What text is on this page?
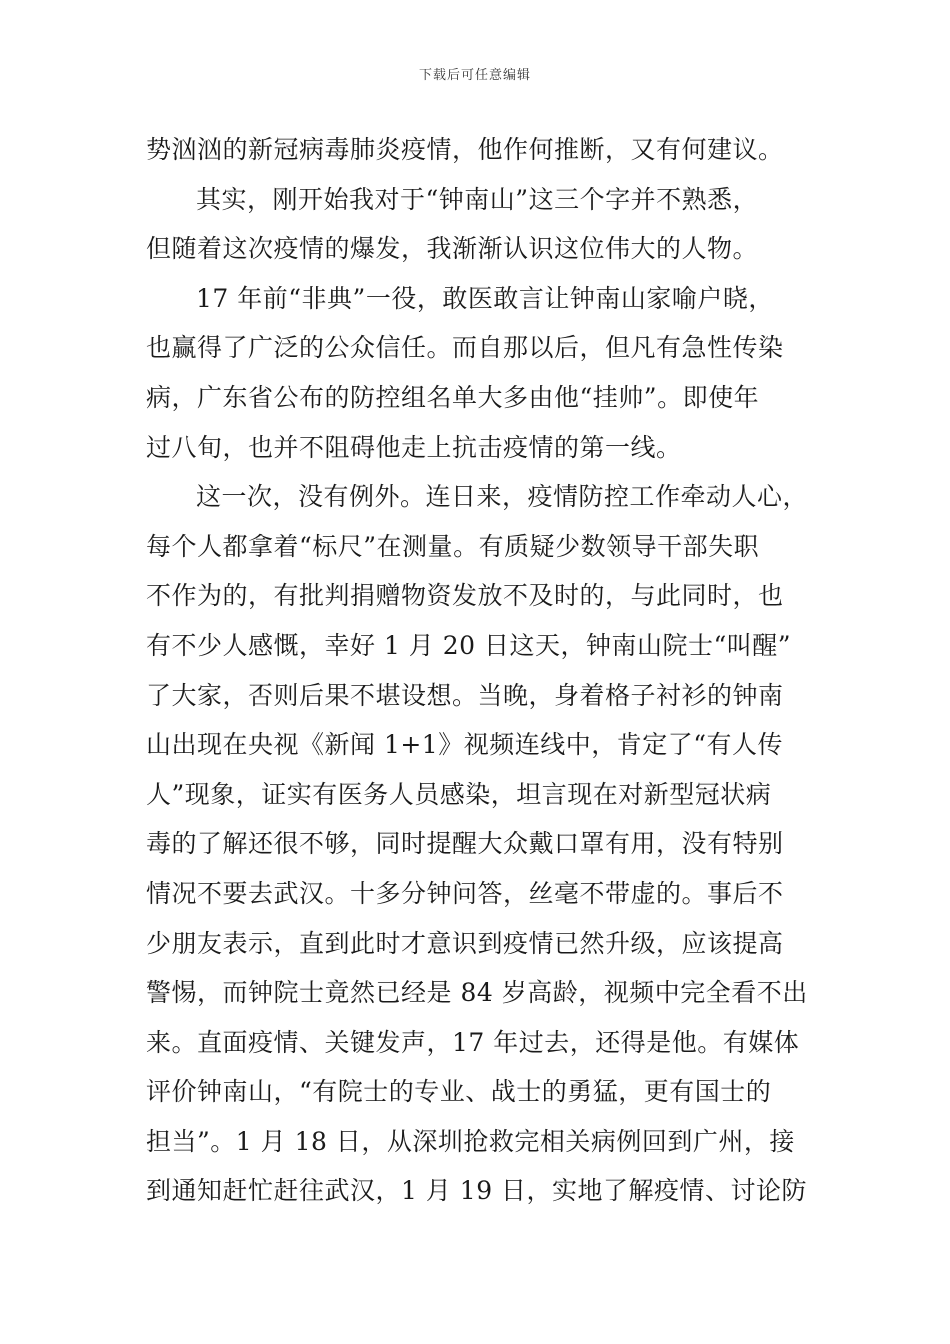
下载后可任意编辑

势汹汹的新冠病毒肺炎疫情，他作何推断，又有何建议。

其实，刚开始我对于“钟南山”这三个字并不熟悉，
但随着这次疫情的爆发，我渐渐认识这位伟大的人物。

17 年前“非典”一役，敢医敢言让钟南山家喻户晓，
也赢得了广泛的公众信任。而自那以后，但凡有急性传染
病，广东省公布的防控组名单大多由他“挂帅”。即使年
过八旬，也并不阻碍他走上抗击疫情的第一线。

这一次，没有例外。连日来，疫情防控工作牵动人心，
每个人都拿着“标尺”在测量。有质疑少数领导干部失职
不作为的，有批判捐赠物资发放不及时的，与此同时，也
有不少人感慨，幸好 1 月 20 日这天，钟南山院士“叫醒”
了大家，否则后果不堪设想。当晚，身着格子衬衫的钟南
山出现在央视《新闻 1+1》视频连线中，肯定了“有人传
人”现象，证实有医务人员感染，坦言现在对新型冠状病
毒的了解还很不够，同时提醒大众戴口罩有用，没有特别
情况不要去武汉。十多分钟问答，丝毫不带虚的。事后不
少朋友表示，直到此时才意识到疫情已然升级，应该提高
警惕，而钟院士竟然已经是 84 岁高龄，视频中完全看不出
来。直面疫情、关键发声，17 年过去，还得是他。有媒体
评价钟南山，“有院士的专业、战士的勇猛，更有国士的
担当”。1 月 18 日，从深圳抢救完相关病例回到广州，接
到通知赶忙赶往武汉，1 月 19 日，实地了解疫情、讨论防
